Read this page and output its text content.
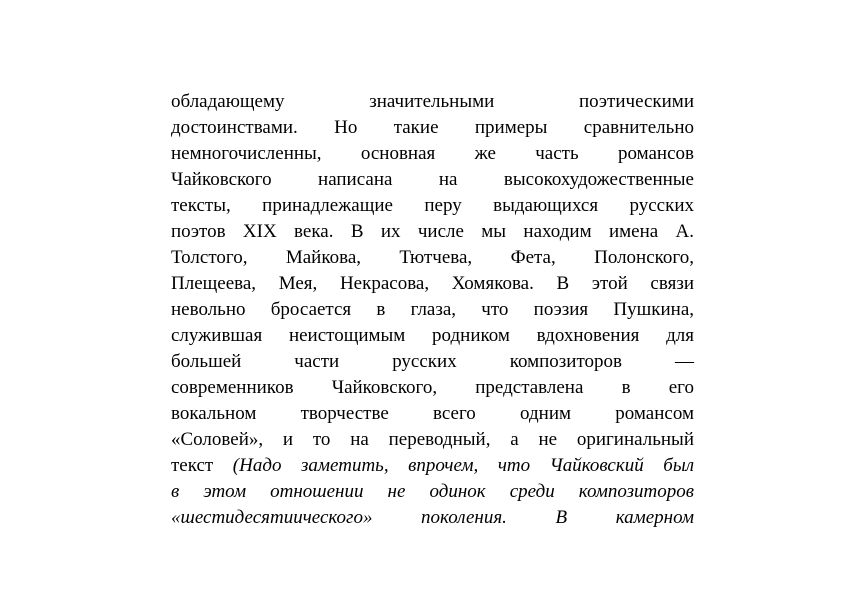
обладающему значительными поэтическими
достоинствами. Но такие примеры сравнительно
немногочисленны, основная же часть романсов
Чайковского написана на высокохудожественные
тексты, принадлежащие перу выдающихся русских
поэтов XIX века. В их числе мы находим имена А.
Толстого, Майкова, Тютчева, Фета, Полонского,
Плещеева, Мея, Некрасова, Хомякова. В этой связи
невольно бросается в глаза, что поэзия Пушкина,
служившая неистощимым родником вдохновения для
большей части русских композиторов —
современников Чайковского, представлена в его
вокальном творчестве всего одним романсом
«Соловей», и то на переводный, а не оригинальный
текст (Надо заметить, впрочем, что Чайковский был
в этом отношении не одинок среди композиторов
«шестидесятиического» поколения. В камерном
